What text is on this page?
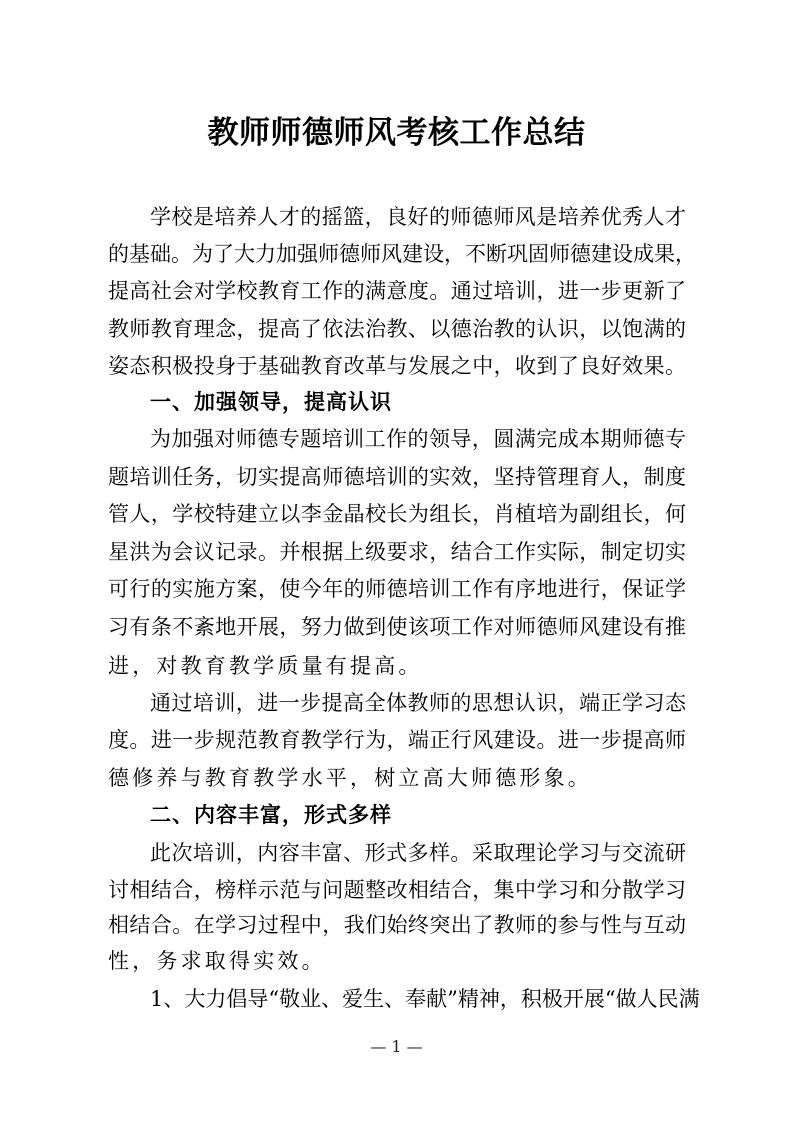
教师师德师风考核工作总结
学校是培养人才的摇篮，良好的师德师风是培养优秀人才
的基础。为了大力加强师德师风建设，不断巩固师德建设成果，
提高社会对学校教育工作的满意度。通过培训，进一步更新了
教师教育理念，提高了依法治教、以德治教的认识，以饱满的
姿态积极投身于基础教育改革与发展之中，收到了良好效果。
一、加强领导，提高认识
为加强对师德专题培训工作的领导，圆满完成本期师德专
题培训任务，切实提高师德培训的实效，坚持管理育人，制度
管人，学校特建立以李金晶校长为组长，肖植培为副组长，何
星洪为会议记录。并根据上级要求，结合工作实际，制定切实
可行的实施方案，使今年的师德培训工作有序地进行，保证学
习有条不紊地开展，努力做到使该项工作对师德师风建设有推
进，对教育教学质量有提高。
通过培训，进一步提高全体教师的思想认识，端正学习态
度。进一步规范教育教学行为，端正行风建设。进一步提高师
德修养与教育教学水平，树立高大师德形象。
二、内容丰富，形式多样
此次培训，内容丰富、形式多样。采取理论学习与交流研
讨相结合，榜样示范与问题整改相结合，集中学习和分散学习
相结合。在学习过程中，我们始终突出了教师的参与性与互动
性，务求取得实效。
1、大力倡导“敬业、爱生、奉献”精神，积极开展“做人民满
— 1 —
